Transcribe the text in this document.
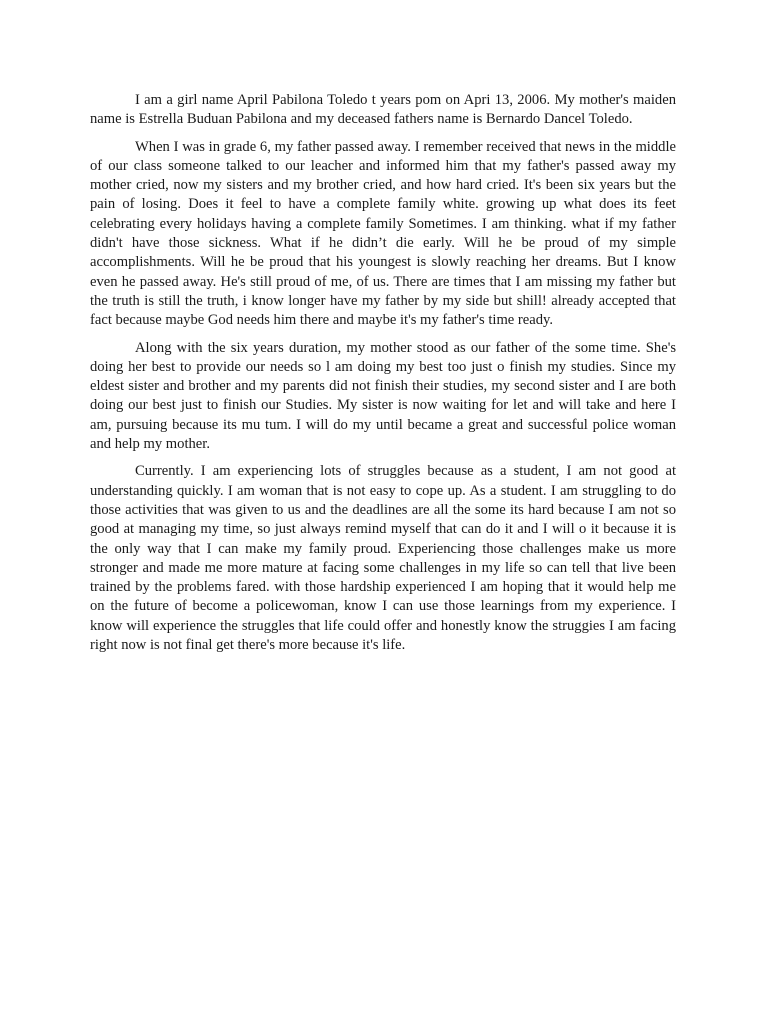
I am a girl name April Pabilona Toledo t years pom on Apri 13, 2006. My mother's maiden name is Estrella Buduan Pabilona and my deceased fathers name is Bernardo Dancel Toledo.

When I was in grade 6, my father passed away. I remember received that news in the middle of our class someone talked to our leacher and informed him that my father's passed away my mother cried, now my sisters and my brother cried, and how hard cried. It's been six years but the pain of losing. Does it feel to have a complete family white. growing up what does its feet celebrating every holidays having a complete family Sometimes. I am thinking. what if my father didn't have those sickness. What if he didn’t die early. Will he be proud of my simple accomplishments. Will he be proud that his youngest is slowly reaching her dreams. But I know even he passed away. He's still proud of me, of us. There are times that I am missing my father but the truth is still the truth, i know longer have my father by my side but shill! already accepted that fact because maybe God needs him there and maybe it's my father's time ready.

Along with the six years duration, my mother stood as our father of the some time. She's doing her best to provide our needs so l am doing my best too just o finish my studies. Since my eldest sister and brother and my parents did not finish their studies, my second sister and I are both doing our best just to finish our Studies. My sister is now waiting for let and will take and here I am, pursuing because its mu tum. I will do my until became a great and successful police woman and help my mother.

Currently. I am experiencing lots of struggles because as a student, I am not good at understanding quickly. I am woman that is not easy to cope up. As a student. I am struggling to do those activities that was given to us and the deadlines are all the some its hard because I am not so good at managing my time, so just always remind myself that can do it and I will o it because it is the only way that I can make my family proud. Experiencing those challenges make us more stronger and made me more mature at facing some challenges in my life so can tell that live been trained by the problems fared. with those hardship experienced I am hoping that it would help me on the future of become a policewoman, know I can use those learnings from my experience. I know will experience the struggles that life could offer and honestly know the struggies I am facing right now is not final get there's more because it's life.
